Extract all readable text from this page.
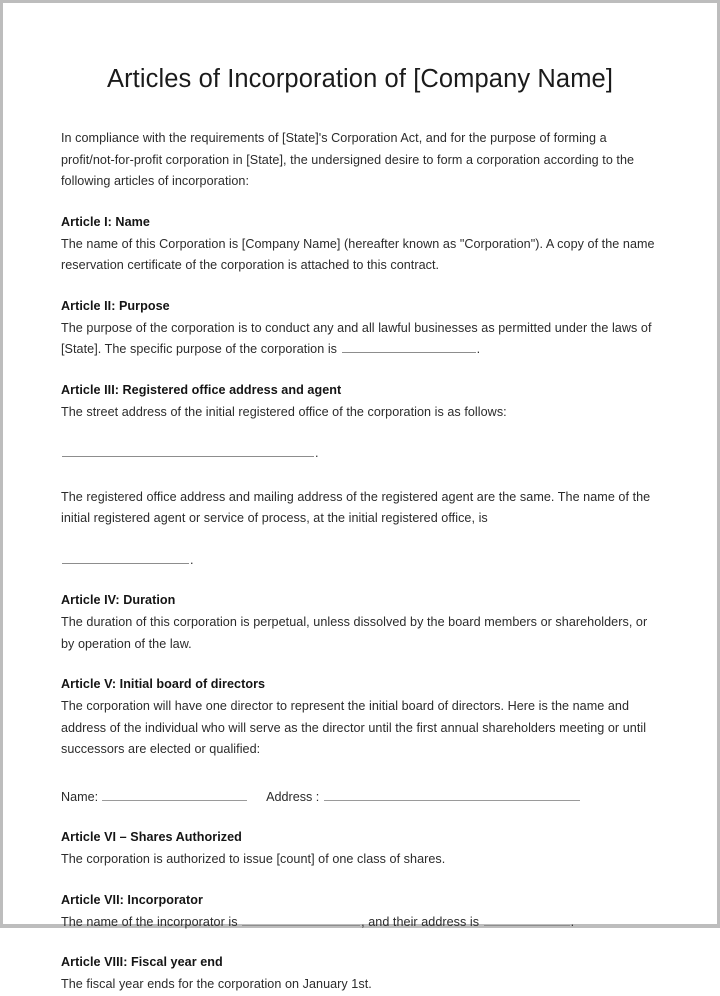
Articles of Incorporation of [Company Name]

In compliance with the requirements of [State]'s Corporation Act, and for the purpose of forming a profit/not-for-profit corporation in [State], the undersigned desire to form a corporation according to the following articles of incorporation:

Article I: Name

The name of this Corporation is [Company Name] (hereafter known as "Corporation"). A copy of the name reservation certificate of the corporation is attached to this contract.

Article II: Purpose

The purpose of the corporation is to conduct any and all lawful businesses as permitted under the laws of [State]. The specific purpose of the corporation is	.

Article III: Registered office address and agent

The street address of the initial registered office of the corporation is as follows:

.

The registered office address and mailing address of the registered agent are the same. The name of the initial registered agent or service of process, at the initial registered office, is

.
Article IV: Duration

The duration of this corporation is perpetual, unless dissolved by the board members or shareholders, or by operation of the law.

Article V: Initial board of directors

The corporation will have one director to represent the initial board of directors. Here is the name and address of the individual who will serve as the director until the first annual shareholders meeting or until successors are elected or qualified:

Name:	Address :
Article VI – Shares Authorized

The corporation is authorized to issue [count] of one class of shares.

Article VII: Incorporator

The name of the incorporator is	, and their address is	.

Article VIII: Fiscal year end

The fiscal year ends for the corporation on January 1st.
